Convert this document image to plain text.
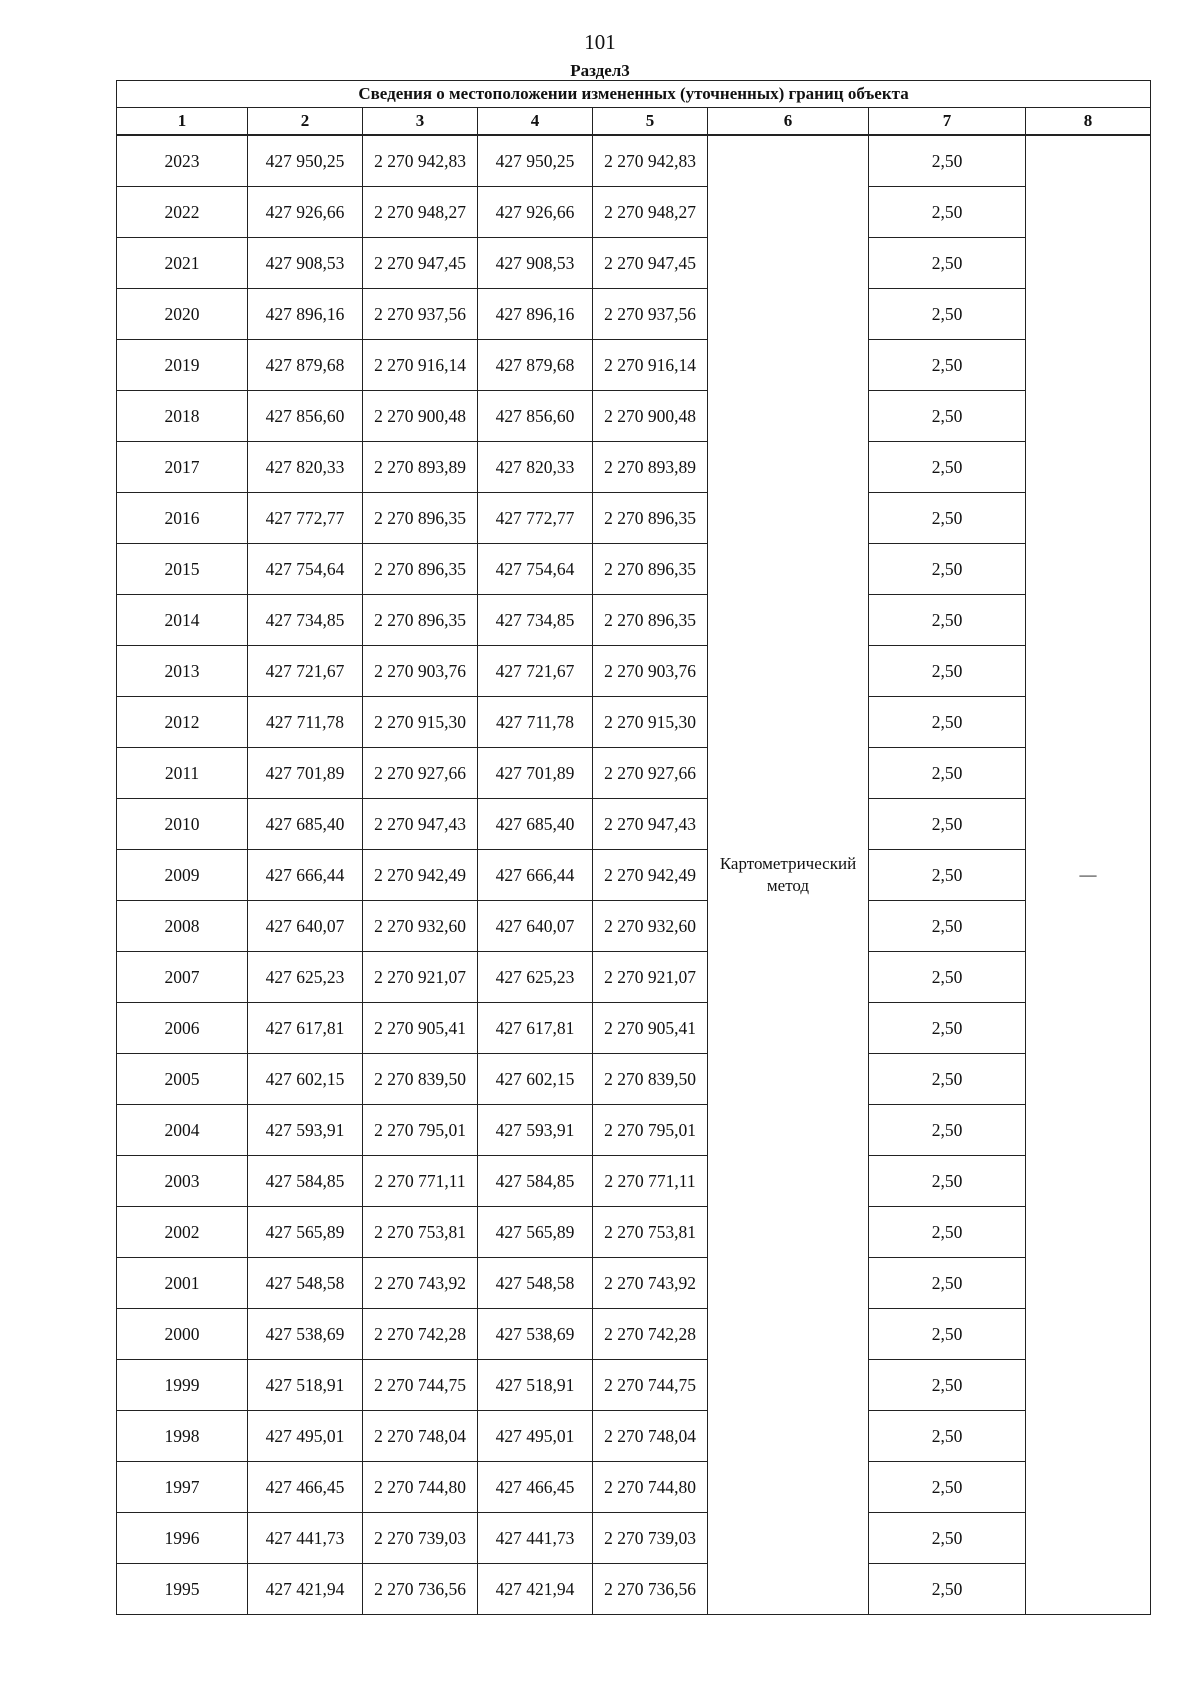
101
Раздел3
Сведения о местоположении измененных (уточненных) границ объекта							
1	2	3	4	5	6	7	8
2023	427 950,25	2 270 942,83	427 950,25	2 270 942,83	Картометрический метод	2,50	—
2022	427 926,66	2 270 948,27	427 926,66	2 270 948,27		2,50	
2021	427 908,53	2 270 947,45	427 908,53	2 270 947,45		2,50	
2020	427 896,16	2 270 937,56	427 896,16	2 270 937,56		2,50	
2019	427 879,68	2 270 916,14	427 879,68	2 270 916,14		2,50	
2018	427 856,60	2 270 900,48	427 856,60	2 270 900,48		2,50	
2017	427 820,33	2 270 893,89	427 820,33	2 270 893,89		2,50	
2016	427 772,77	2 270 896,35	427 772,77	2 270 896,35		2,50	
2015	427 754,64	2 270 896,35	427 754,64	2 270 896,35		2,50	
2014	427 734,85	2 270 896,35	427 734,85	2 270 896,35		2,50	
2013	427 721,67	2 270 903,76	427 721,67	2 270 903,76		2,50	
2012	427 711,78	2 270 915,30	427 711,78	2 270 915,30		2,50	
2011	427 701,89	2 270 927,66	427 701,89	2 270 927,66		2,50	
2010	427 685,40	2 270 947,43	427 685,40	2 270 947,43		2,50	
2009	427 666,44	2 270 942,49	427 666,44	2 270 942,49		2,50	
2008	427 640,07	2 270 932,60	427 640,07	2 270 932,60		2,50	
2007	427 625,23	2 270 921,07	427 625,23	2 270 921,07		2,50	
2006	427 617,81	2 270 905,41	427 617,81	2 270 905,41		2,50	
2005	427 602,15	2 270 839,50	427 602,15	2 270 839,50		2,50	
2004	427 593,91	2 270 795,01	427 593,91	2 270 795,01		2,50	
2003	427 584,85	2 270 771,11	427 584,85	2 270 771,11		2,50	
2002	427 565,89	2 270 753,81	427 565,89	2 270 753,81		2,50	
2001	427 548,58	2 270 743,92	427 548,58	2 270 743,92		2,50	
2000	427 538,69	2 270 742,28	427 538,69	2 270 742,28		2,50	
1999	427 518,91	2 270 744,75	427 518,91	2 270 744,75		2,50	
1998	427 495,01	2 270 748,04	427 495,01	2 270 748,04		2,50	
1997	427 466,45	2 270 744,80	427 466,45	2 270 744,80		2,50	
1996	427 441,73	2 270 739,03	427 441,73	2 270 739,03		2,50	
1995	427 421,94	2 270 736,56	427 421,94	2 270 736,56		2,50	
